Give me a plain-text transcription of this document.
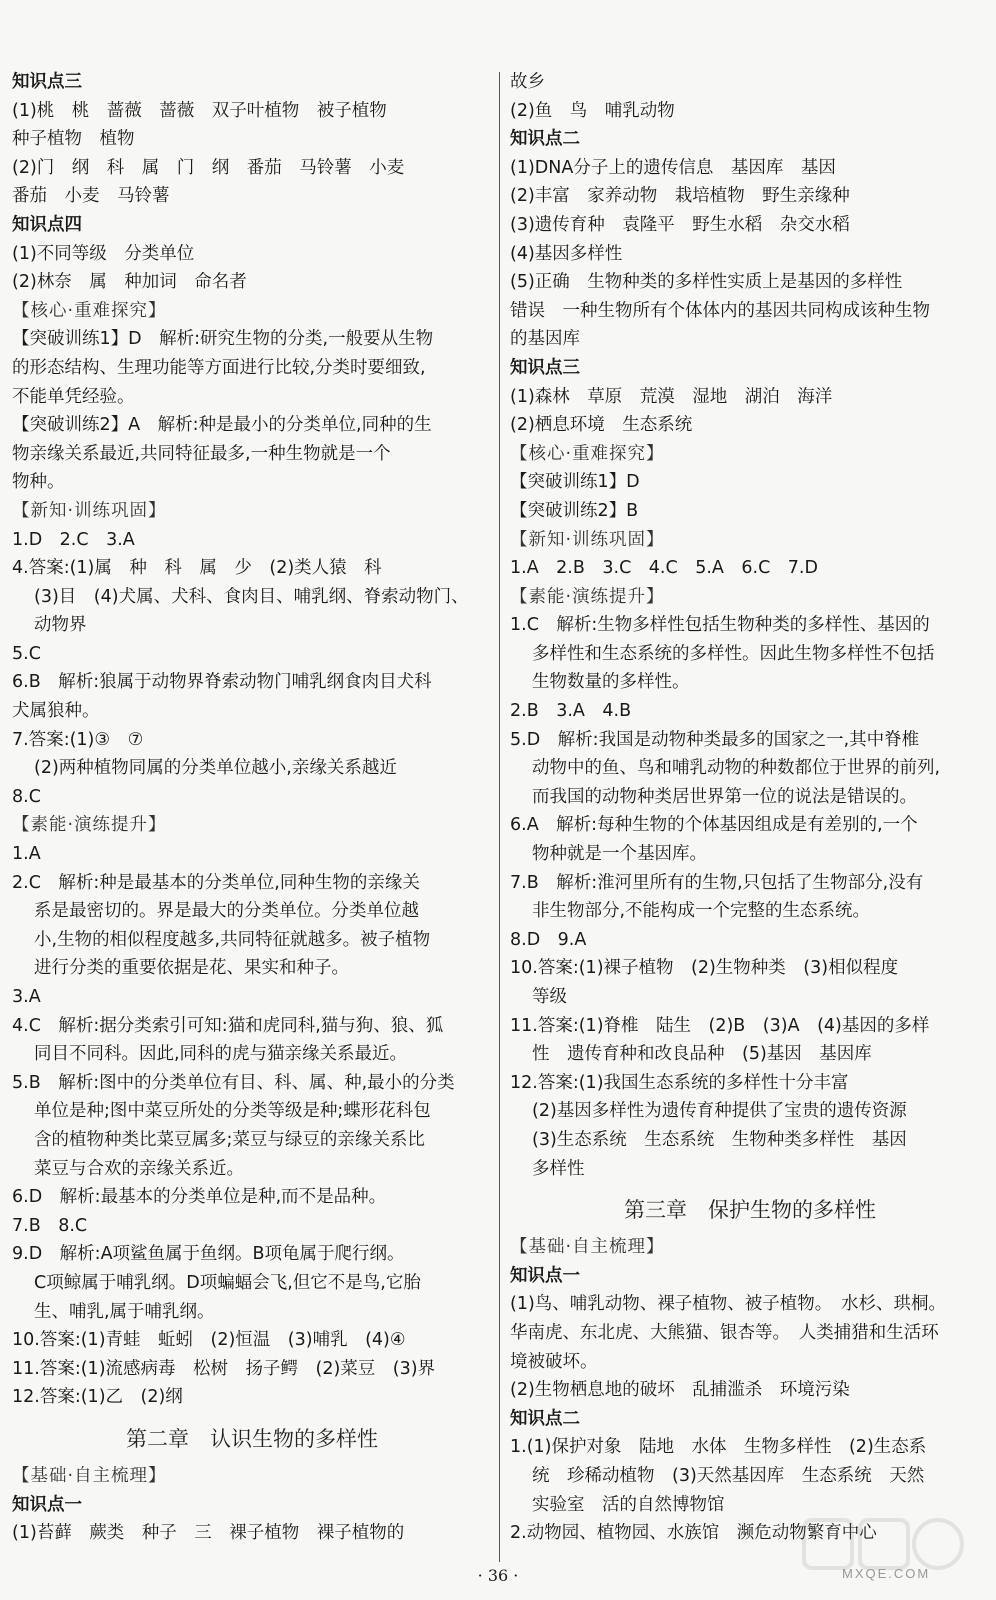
知识点三
(1)桃　桃　蔷薇　蔷薇　双子叶植物　被子植物
种子植物　植物
(2)门　纲　科　属　门　纲　番茄　马铃薯　小麦
番茄　小麦　马铃薯
知识点四
(1)不同等级　分类单位
(2)林奈　属　种加词　命名者
【核心·重难探究】
【突破训练1】D　解析:研究生物的分类,一般要从生物
的形态结构、生理功能等方面进行比较,分类时要细致,
不能单凭经验。
【突破训练2】A　解析:种是最小的分类单位,同种的生
物亲缘关系最近,共同特征最多,一种生物就是一个
物种。
【新知·训练巩固】
1.D　2.C　3.A
4.答案:(1)属　种　科　属　少　(2)类人猿　科
(3)目　(4)犬属、犬科、食肉目、哺乳纲、脊索动物门、
动物界
5.C
6.B　解析:狼属于动物界脊索动物门哺乳纲食肉目犬科
犬属狼种。
7.答案:(1)③　⑦
(2)两种植物同属的分类单位越小,亲缘关系越近
8.C
【素能·演练提升】
1.A
2.C　解析:种是最基本的分类单位,同种生物的亲缘关
系是最密切的。界是最大的分类单位。分类单位越
小,生物的相似程度越多,共同特征就越多。被子植物
进行分类的重要依据是花、果实和种子。
3.A
4.C　解析:据分类索引可知:猫和虎同科,猫与狗、狼、狐
同目不同科。因此,同科的虎与猫亲缘关系最近。
5.B　解析:图中的分类单位有目、科、属、种,最小的分类
单位是种;图中菜豆所处的分类等级是种;蝶形花科包
含的植物种类比菜豆属多;菜豆与绿豆的亲缘关系比
菜豆与合欢的亲缘关系近。
6.D　解析:最基本的分类单位是种,而不是品种。
7.B　8.C
9.D　解析:A项鲨鱼属于鱼纲。B项龟属于爬行纲。
C项鲸属于哺乳纲。D项蝙蝠会飞,但它不是鸟,它胎
生、哺乳,属于哺乳纲。
10.答案:(1)青蛙　蚯蚓　(2)恒温　(3)哺乳　(4)④
11.答案:(1)流感病毒　松树　扬子鳄　(2)菜豆　(3)界
12.答案:(1)乙　(2)纲
第二章　认识生物的多样性
【基础·自主梳理】
知识点一
(1)苔藓　蕨类　种子　三　裸子植物　裸子植物的
故乡
(2)鱼　鸟　哺乳动物
知识点二
(1)DNA分子上的遗传信息　基因库　基因
(2)丰富　家养动物　栽培植物　野生亲缘种
(3)遗传育种　袁隆平　野生水稻　杂交水稻
(4)基因多样性
(5)正确　生物种类的多样性实质上是基因的多样性
错误　一种生物所有个体体内的基因共同构成该种生物
的基因库
知识点三
(1)森林　草原　荒漠　湿地　湖泊　海洋
(2)栖息环境　生态系统
【核心·重难探究】
【突破训练1】D
【突破训练2】B
【新知·训练巩固】
1.A　2.B　3.C　4.C　5.A　6.C　7.D
【素能·演练提升】
1.C　解析:生物多样性包括生物种类的多样性、基因的
多样性和生态系统的多样性。因此生物多样性不包括
生物数量的多样性。
2.B　3.A　4.B
5.D　解析:我国是动物种类最多的国家之一,其中脊椎
动物中的鱼、鸟和哺乳动物的种数都位于世界的前列,
而我国的动物种类居世界第一位的说法是错误的。
6.A　解析:每种生物的个体基因组成是有差别的,一个
物种就是一个基因库。
7.B　解析:淮河里所有的生物,只包括了生物部分,没有
非生物部分,不能构成一个完整的生态系统。
8.D　9.A
10.答案:(1)裸子植物　(2)生物种类　(3)相似程度
等级
11.答案:(1)脊椎　陆生　(2)B　(3)A　(4)基因的多样
性　遗传育种和改良品种　(5)基因　基因库
12.答案:(1)我国生态系统的多样性十分丰富
(2)基因多样性为遗传育种提供了宝贵的遗传资源
(3)生态系统　生态系统　生物种类多样性　基因
多样性
第三章　保护生物的多样性
【基础·自主梳理】
知识点一
(1)鸟、哺乳动物、裸子植物、被子植物。　水杉、珙桐。
华南虎、东北虎、大熊猫、银杏等。　人类捕猎和生活环
境被破坏。
(2)生物栖息地的破坏　乱捕滥杀　环境污染
知识点二
1.(1)保护对象　陆地　水体　生物多样性　(2)生态系
统　珍稀动植物　(3)天然基因库　生态系统　天然
实验室　活的自然博物馆
2.动物园、植物园、水族馆　濒危动物繁育中心
· 36 ·	MXQE.COM
